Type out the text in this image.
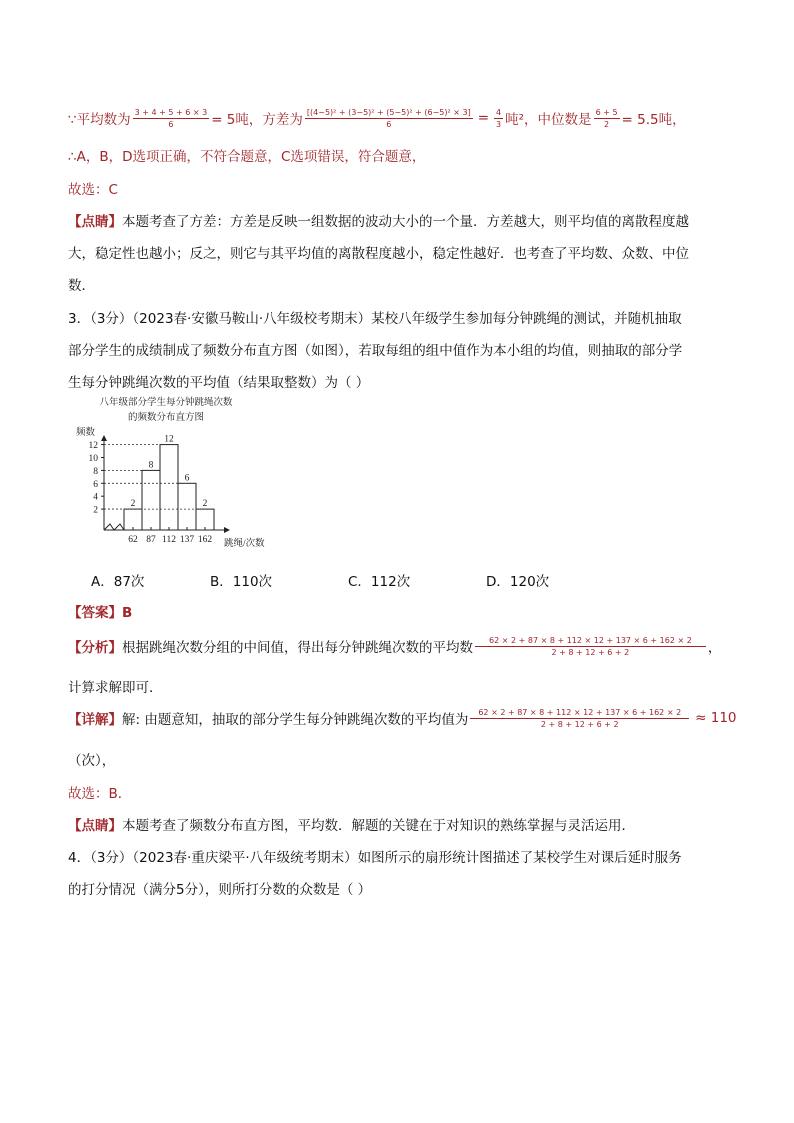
∵平均数为 $\frac{3 + 4 + 5 + 6 \times 3}{6} = 5$吨，方差为 $\frac{\text{[(4−5)² + (3−5)² + (5−5)² + (6−5)² × 3]}}{6} = \frac{4}{3}$ 吨²，中位数是 $\frac{6 + 5}{2} = 5.5$吨，
∴A，B，D选项正确，不符合题意，C选项错误，符合题意，
故选：C
【点睛】本题考查了方差：方差是反映一组数据的波动大小的一个量．方差越大，则平均值的离散程度越
大，稳定性也越小；反之，则它与其平均值的离散程度越小，稳定性越好．也考查了平均数、众数、中位
数．
3．（3分）（2023春·安徽马鞍山·八年级校考期末）某校八年级学生参加每分钟跳绳的测试，并随机抽取
部分学生的成绩制成了频数分布直方图（如图），若取每组的组中值作为本小组的均值，则抽取的部分学
生每分钟跳绳次数的平均值（结果取整数）为（ ）
八年级部分学生每分钟跳绳次数
的频数分布直方图
频数
跳绳/次数
2
4
6
8
10
12
2
62
8
87
12
112
6
137
2
162
A．87次	B．110次	C．112次	D．120次
【答案】B
【分析】 根据跳绳次数分组的中间值，得出每分钟跳绳次数的平均数 $\frac{62 \times 2 + 87 \times 8 + 112 \times 12 + 137 \times 6 + 162 \times 2}{2 + 8 + 12 + 6 + 2}$ ，
计算求解即可．
【详解】 解: 由题意知，抽取的部分学生每分钟跳绳次数的平均值为 $\frac{62 \times 2 + 87 \times 8 + 112 \times 12 + 137 \times 6 + 162 \times 2}{2 + 8 + 12 + 6 + 2} \approx 110$
（次），
故选：B．
【点睛】本题考查了频数分布直方图，平均数．解题的关键在于对知识的熟练掌握与灵活运用．
4．（3分）（2023春·重庆梁平·八年级统考期末）如图所示的扇形统计图描述了某校学生对课后延时服务
的打分情况（满分5分），则所打分数的众数是（ ）
